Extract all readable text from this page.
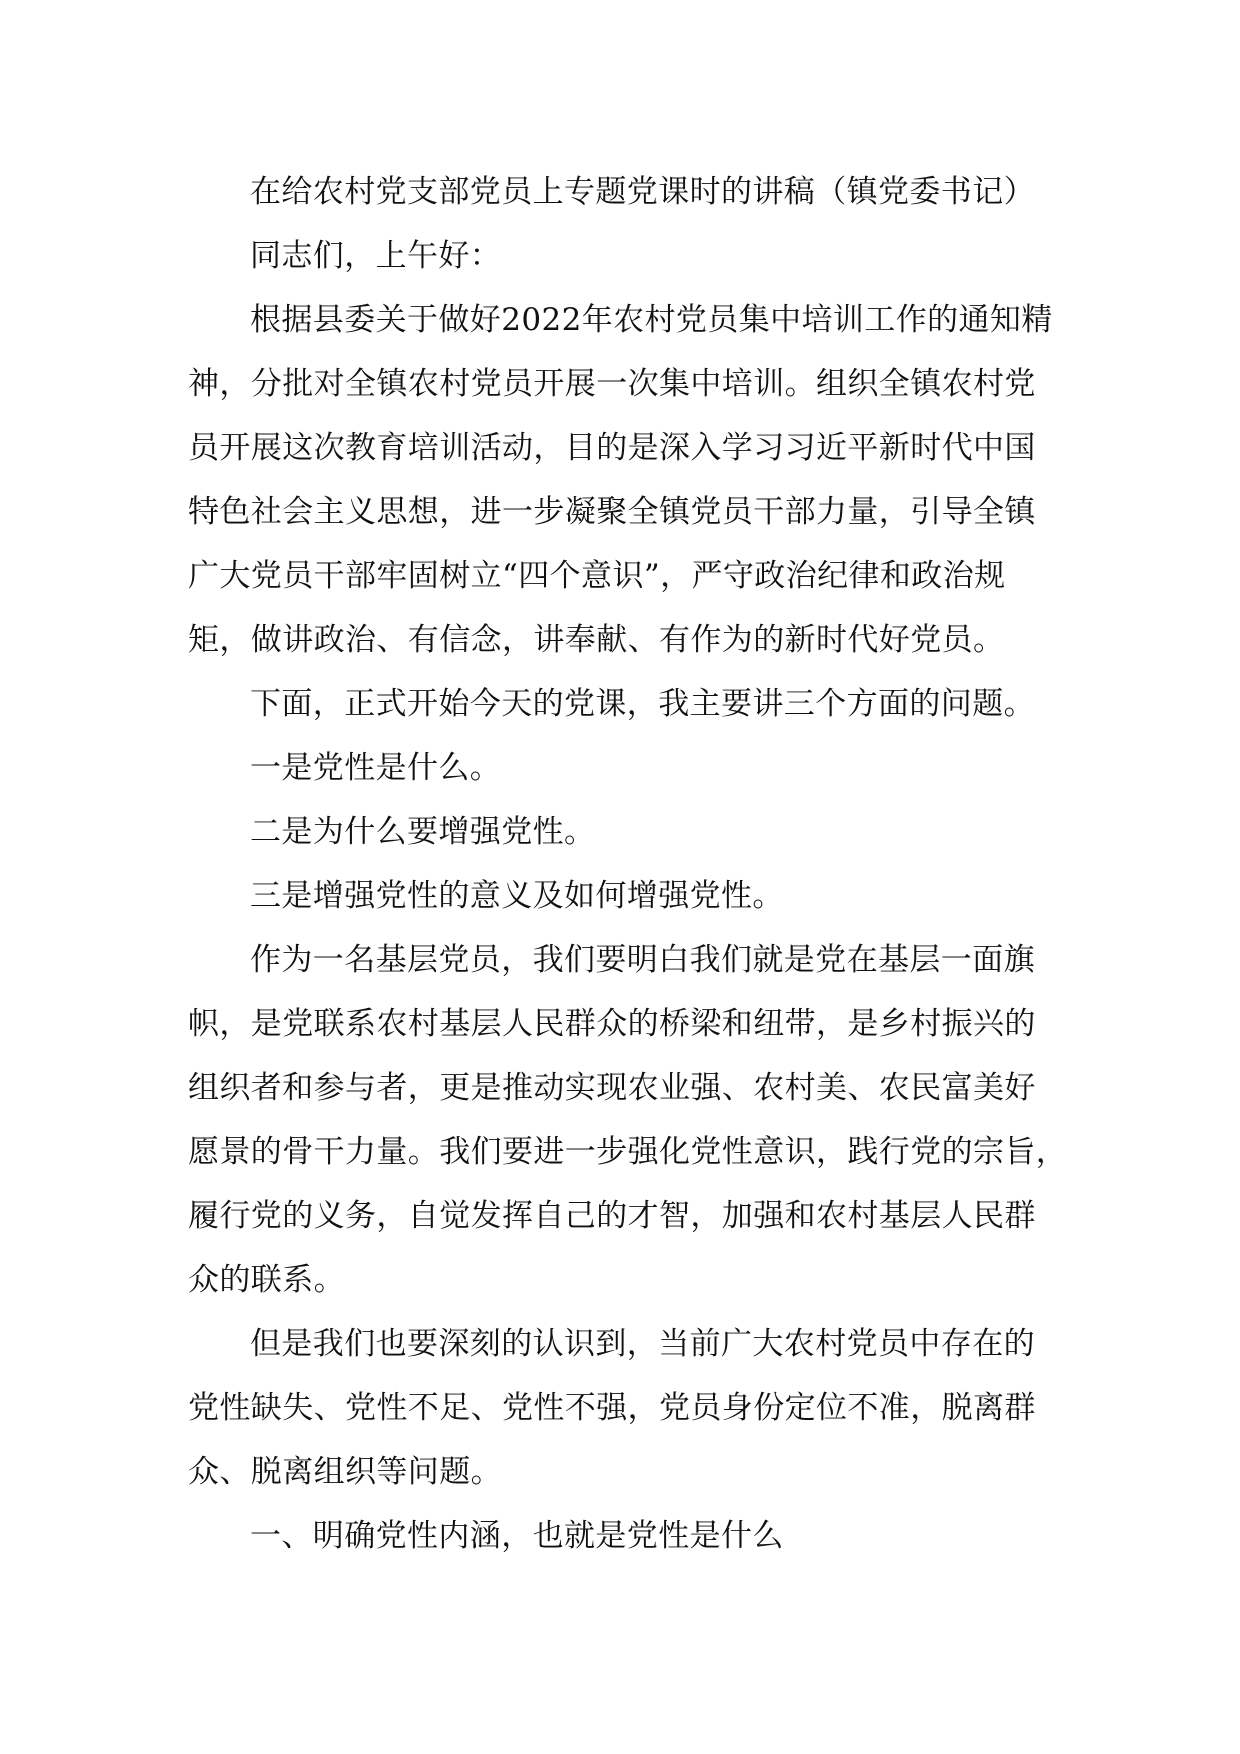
在给农村党支部党员上专题党课时的讲稿（镇党委书记）
同志们，上午好：
根据县委关于做好2022年农村党员集中培训工作的通知精
神，分批对全镇农村党员开展一次集中培训。组织全镇农村党
员开展这次教育培训活动，目的是深入学习习近平新时代中国
特色社会主义思想，进一步凝聚全镇党员干部力量，引导全镇
广大党员干部牢固树立“四个意识”，严守政治纪律和政治规
矩，做讲政治、有信念，讲奉献、有作为的新时代好党员。
下面，正式开始今天的党课，我主要讲三个方面的问题。
一是党性是什么。
二是为什么要增强党性。
三是增强党性的意义及如何增强党性。
作为一名基层党员，我们要明白我们就是党在基层一面旗
帜，是党联系农村基层人民群众的桥梁和纽带，是乡村振兴的
组织者和参与者，更是推动实现农业强、农村美、农民富美好
愿景的骨干力量。我们要进一步强化党性意识，践行党的宗旨，
履行党的义务，自觉发挥自己的才智，加强和农村基层人民群
众的联系。
但是我们也要深刻的认识到，当前广大农村党员中存在的
党性缺失、党性不足、党性不强，党员身份定位不准，脱离群
众、脱离组织等问题。
一、明确党性内涵，也就是党性是什么
